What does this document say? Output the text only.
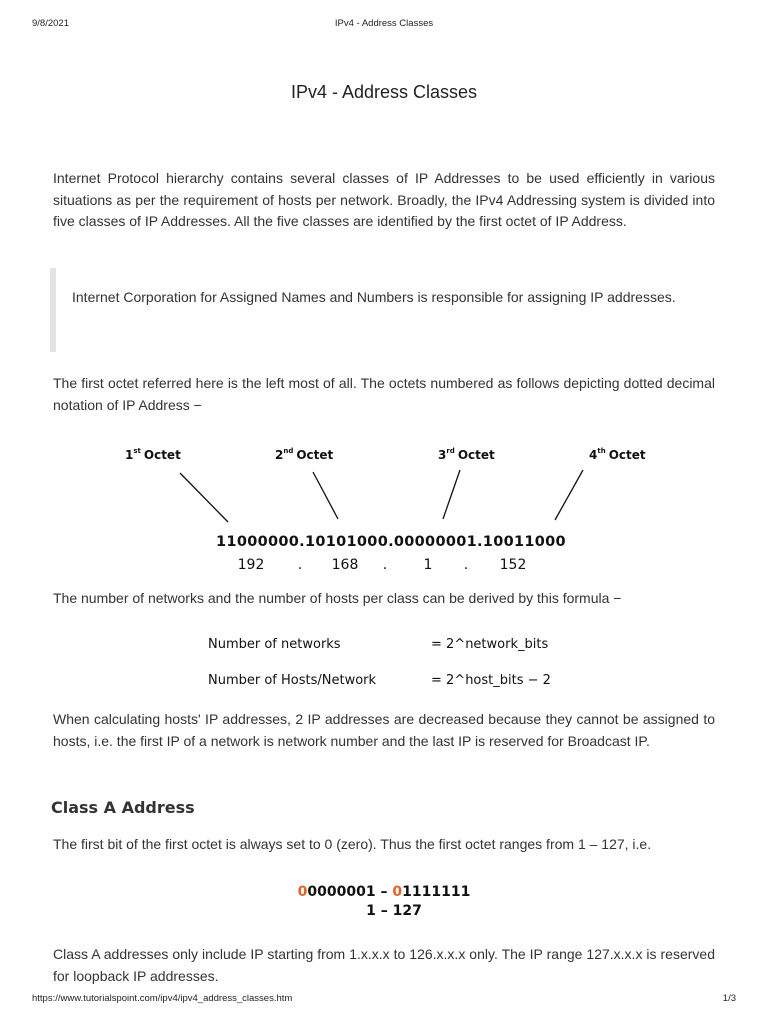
9/8/2021	IPv4 - Address Classes
IPv4 - Address Classes

Internet Protocol hierarchy contains several classes of IP Addresses to be used efficiently in various situations as per the requirement of hosts per network. Broadly, the IPv4 Addressing system is divided into five classes of IP Addresses. All the five classes are identified by the first octet of IP Address.

Internet Corporation for Assigned Names and Numbers is responsible for assigning IP addresses.

The first octet referred here is the left most of all. The octets numbered as follows depicting dotted decimal notation of IP Address −

1st Octet	2nd Octet	3rd Octet	4th Octet
11000000.10101000.00000001.10011000
192 . 168 .	1 . 152

The number of networks and the number of hosts per class can be derived by this formula −

Number of networks	= 2^network_bits
Number of Hosts/Network	= 2^host_bits − 2

When calculating hosts' IP addresses, 2 IP addresses are decreased because they cannot be assigned to hosts, i.e. the first IP of a network is network number and the last IP is reserved for Broadcast IP.

Class A Address

The first bit of the first octet is always set to 0 (zero). Thus the first octet ranges from 1 – 127, i.e.

00000001 – 01111111
1 – 127

Class A addresses only include IP starting from 1.x.x.x to 126.x.x.x only. The IP range 127.x.x.x is reserved for loopback IP addresses.

https://www.tutorialspoint.com/ipv4/ipv4_address_classes.htm	1/3
